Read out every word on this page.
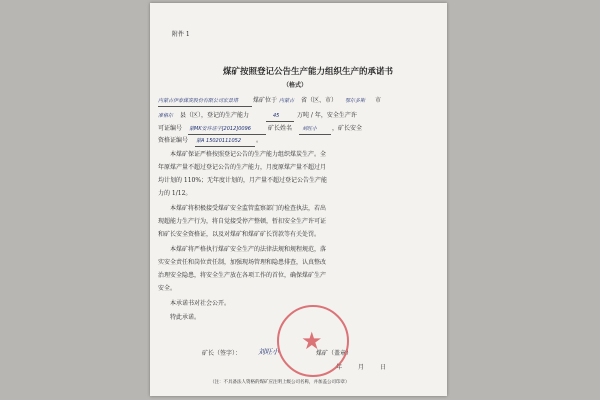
附件 1
煤矿按照登记公告生产能力组织生产的承诺书
（格式）
内蒙古伊泰煤炭股份有限公司宏景塔 煤矿位于 内蒙古 省（区、市） 鄂尔多斯 市
准格尔 县（区），登记的生产能力	45	万吨 / 年，安全生产许
可证编号 蒙MK安许证字[2012]0096	矿长姓名 刘旺小 ，矿长安全
资格证编号 蒙A 15020111052 。
本煤矿保证严格按照登记公告的生产能力组织煤炭生产。全
年原煤产量不超过登记公告的生产能力，月度原煤产量不超过月
均计划的 110%；无年度计划的，月产量不超过登记公告生产能
力的 1/12。
本煤矿将积极接受煤矿安全监管监察部门的检查执法，若出
现超能力生产行为，将自觉接受停产整顿，暂扣安全生产许可证
和矿长安全资格证，以及对煤矿和煤矿矿长罚款等有关处罚。
本煤矿将严格执行煤矿安全生产的法律法规和规程规范，落
实安全责任和岗位责任制，加强现场管理和隐患排查，认真整改
治理安全隐患，将安全生产放在各项工作的首位，确保煤矿生产
安全。
本承诺书对社会公开。
特此承诺。
矿长（签字）： 刘旺小	煤矿（盖章）
年	月	日
（注：不具备法人资格的煤矿应注明上级公司名称，并加盖公司印章）
★
